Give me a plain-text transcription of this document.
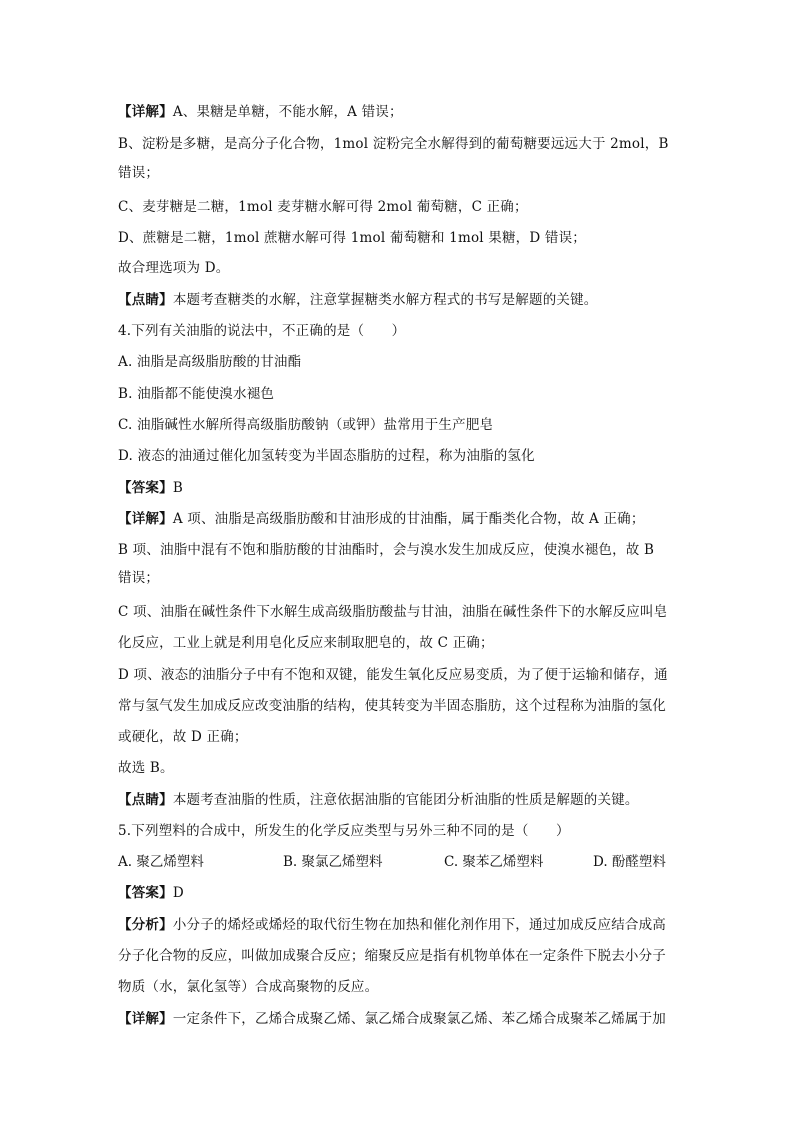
【详解】A、果糖是单糖，不能水解，A 错误；
B、淀粉是多糖，是高分子化合物，1mol 淀粉完全水解得到的葡萄糖要远远大于 2mol，B
错误；
C、麦芽糖是二糖，1mol 麦芽糖水解可得 2mol 葡萄糖，C 正确；
D、蔗糖是二糖，1mol 蔗糖水解可得 1mol 葡萄糖和 1mol 果糖，D 错误；
故合理选项为 D。
【点睛】本题考查糖类的水解，注意掌握糖类水解方程式的书写是解题的关键。
4.下列有关油脂的说法中，不正确的是（　　）
A. 油脂是高级脂肪酸的甘油酯
B. 油脂都不能使溴水褪色
C. 油脂碱性水解所得高级脂肪酸钠（或钾）盐常用于生产肥皂
D. 液态的油通过催化加氢转变为半固态脂肪的过程，称为油脂的氢化
【答案】B
【详解】A 项、油脂是高级脂肪酸和甘油形成的甘油酯，属于酯类化合物，故 A 正确；
B 项、油脂中混有不饱和脂肪酸的甘油酯时，会与溴水发生加成反应，使溴水褪色，故 B
错误；
C 项、油脂在碱性条件下水解生成高级脂肪酸盐与甘油，油脂在碱性条件下的水解反应叫皂
化反应，工业上就是利用皂化反应来制取肥皂的，故 C 正确；
D 项、液态的油脂分子中有不饱和双键，能发生氧化反应易变质，为了便于运输和储存，通
常与氢气发生加成反应改变油脂的结构，使其转变为半固态脂肪，这个过程称为油脂的氢化
或硬化，故 D 正确；
故选 B。
【点睛】本题考查油脂的性质，注意依据油脂的官能团分析油脂的性质是解题的关键。
5.下列塑料的合成中，所发生的化学反应类型与另外三种不同的是（　　）
A. 聚乙烯塑料	B. 聚氯乙烯塑料	C. 聚苯乙烯塑料	D. 酚醛塑料
【答案】D
【分析】小分子的烯烃或烯烃的取代衍生物在加热和催化剂作用下，通过加成反应结合成高
分子化合物的反应，叫做加成聚合反应；缩聚反应是指有机物单体在一定条件下脱去小分子
物质（水，氯化氢等）合成高聚物的反应。
【详解】一定条件下，乙烯合成聚乙烯、氯乙烯合成聚氯乙烯、苯乙烯合成聚苯乙烯属于加
